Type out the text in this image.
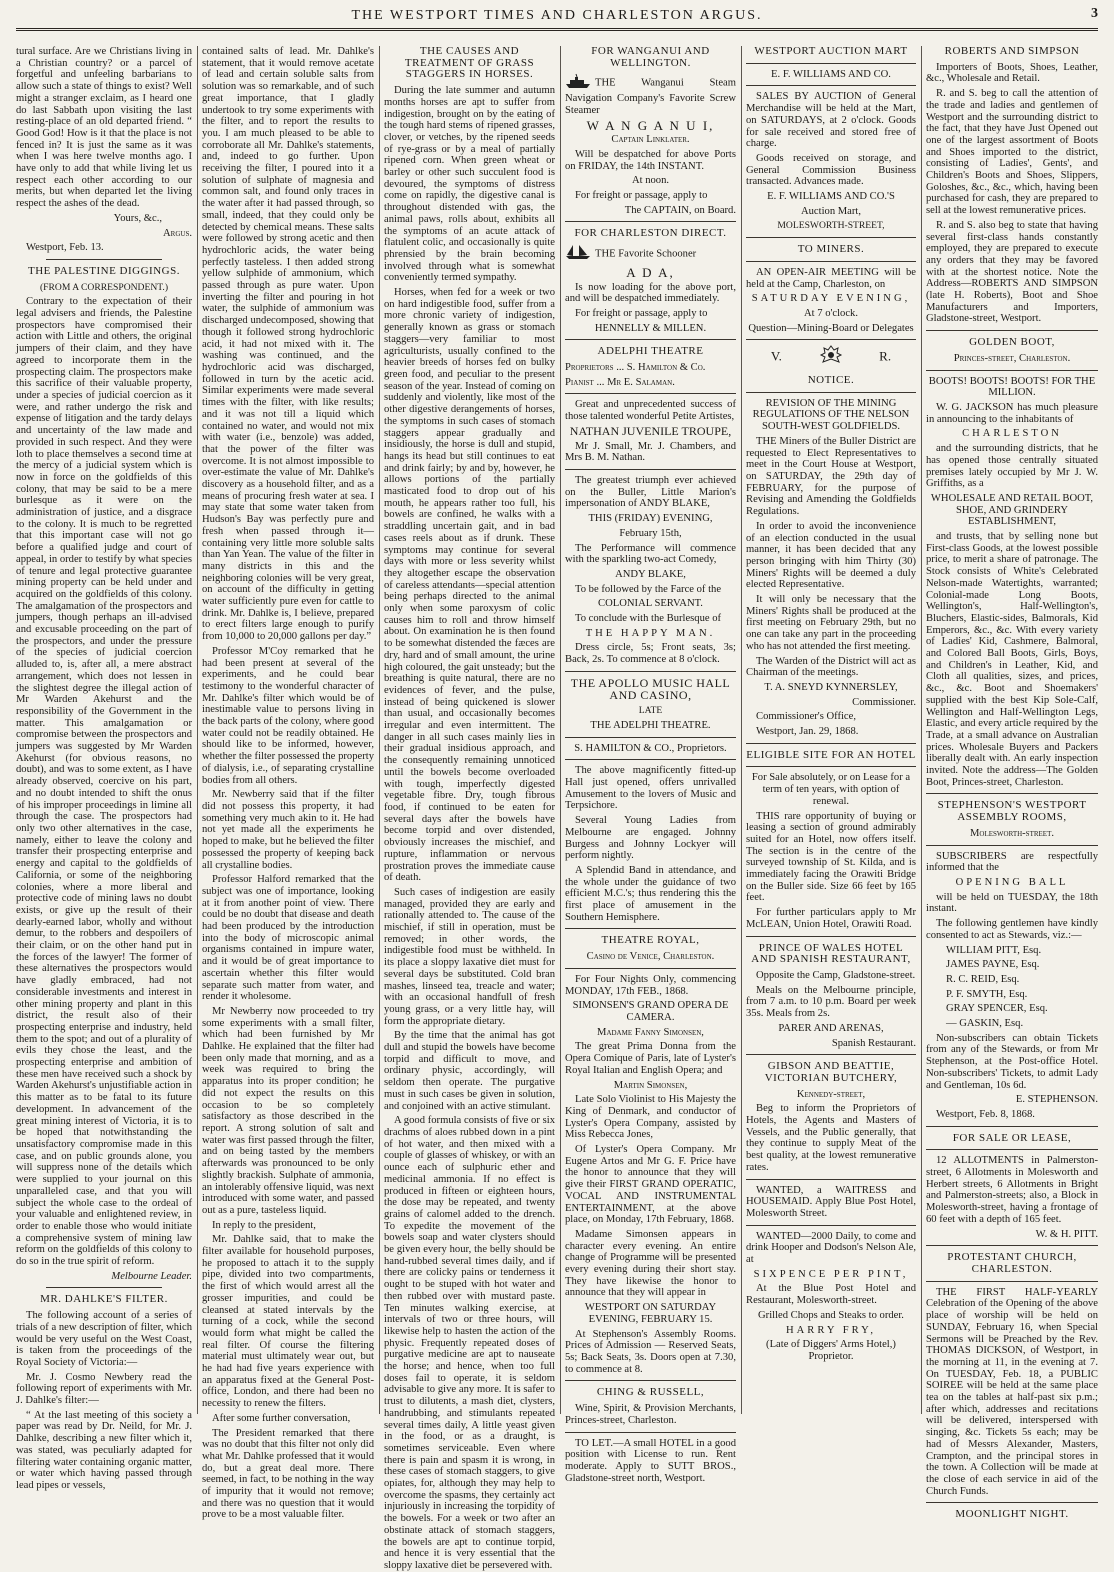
THE WESTPORT TIMES AND CHARLESTON ARGUS.	3

tural surface. Are we Christians living in a Christian country? or a parcel of forgetful and unfeeling barbarians to allow such a state of things to exist? Well might a stranger exclaim, as I heard one do last Sabbath upon visiting the last resting-place of an old departed friend. “ Good God! How is it that the place is not fenced in? It is just the same as it was when I was here twelve months ago. I have only to add that while living let us respect each other according to our merits, but when departed let the living respect the ashes of the dead.

Yours, &c.,

Argus.

Westport, Feb. 13.

THE PALESTINE DIGGINGS.

(FROM A CORRESPONDENT.)

Contrary to the expectation of their legal advisers and friends, the Palestine prospectors have compromised their action with Little and others, the original jumpers of their claim, and they have agreed to incorporate them in the prospecting claim. The prospectors make this sacrifice of their valuable property, under a species of judicial coercion as it were, and rather undergo the risk and expense of litigation and the tardy delays and uncertainty of the law made and provided in such respect. And they were loth to place themselves a second time at the mercy of a judicial system which is now in force on the goldfields of this colony, that may be said to be a mere burlesque as it were on the administration of justice, and a disgrace to the colony. It is much to be regretted that this important case will not go before a qualified judge and court of appeal, in order to testify by what species of tenure and legal protective guarantee mining property can be held under and acquired on the goldfields of this colony. The amalgamation of the prospectors and jumpers, though perhaps an ill-advised and excusable proceeding on the part of the prospectors, and under the pressure of the species of judicial coercion alluded to, is, after all, a mere abstract arrangement, which does not lessen in the slightest degree the illegal action of Mr Warden Akehurst and the responsibility of the Government in the matter. This amalgamation or compromise between the prospectors and jumpers was suggested by Mr Warden Akehurst (for obvious reasons, no doubt), and was to some extent, as I have already observed, coercive on his part, and no doubt intended to shift the onus of his improper proceedings in limine all through the case. The prospectors had only two other alternatives in the case, namely, either to leave the colony and transfer their prospecting enterprise and energy and capital to the goldfields of California, or some of the neighboring colonies, where a more liberal and protective code of mining laws no doubt exists, or give up the result of their dearly-earned labor, wholly and without demur, to the robbers and despoilers of their claim, or on the other hand put in the forces of the lawyer! The former of these alternatives the prospectors would have gladly embraced, had not considerable investments and interest in other mining property and plant in this district, the result also of their prospecting enterprise and industry, held them to the spot; and out of a plurality of evils they chose the least, and the prospecting enterprise and ambition of these men have received such a shock by Warden Akehurst's unjustifiable action in this matter as to be fatal to its future development. In advancement of the great mining interest of Victoria, it is to be hoped that notwithstanding the unsatisfactory compromise made in this case, and on public grounds alone, you will suppress none of the details which were supplied to your journal on this unparalleled case, and that you will subject the whole case to the ordeal of your valuable and enlightened review, in order to enable those who would initiate a comprehensive system of mining law reform on the goldfields of this colony to do so in the true spirit of reform.

Melbourne Leader.

MR. DAHLKE'S FILTER.

The following account of a series of trials of a new description of filter, which would be very useful on the West Coast, is taken from the proceedings of the Royal Society of Victoria:—

Mr. J. Cosmo Newbery read the following report of experiments with Mr. J. Dahlke's filter:—

“ At the last meeting of this society a paper was read by Dr. Neild, for Mr. J. Dahlke, describing a new filter which it, was stated, was peculiarly adapted for filtering water containing organic matter, or water which having passed through lead pipes or vessels,

contained salts of lead. Mr. Dahlke's statement, that it would remove acetate of lead and certain soluble salts from solution was so remarkable, and of such great importance, that I gladly undertook to try some experiments with the filter, and to report the results to you. I am much pleased to be able to corroborate all Mr. Dahlke's statements, and, indeed to go further. Upon receiving the filter, I poured into it a solution of sulphate of magnesia and common salt, and found only traces in the water after it had passed through, so small, indeed, that they could only be detected by chemical means. These salts were followed by strong acetic and then hydrochloric acids, the water being perfectly tasteless. I then added strong yellow sulphide of ammonium, which passed through as pure water. Upon inverting the filter and pouring in hot water, the sulphide of ammonium was discharged undecomposed, showing that though it followed strong hydrochloric acid, it had not mixed with it. The washing was continued, and the hydrochloric acid was discharged, followed in turn by the acetic acid. Similar experiments were made several times with the filter, with like results; and it was not till a liquid which contained no water, and would not mix with water (i.e., benzole) was added, that the power of the filter was overcome. It is not almost impossible to over-estimate the value of Mr. Dahlke's discovery as a household filter, and as a means of procuring fresh water at sea. I may state that some water taken from Hudson's Bay was perfectly pure and fresh when passed through it—containing very little more soluble salts than Yan Yean. The value of the filter in many districts in this and the neighboring colonies will be very great, on account of the difficulty in getting water sufficiently pure even for cattle to drink. Mr. Dahlke is, I believe, prepared to erect filters large enough to purify from 10,000 to 20,000 gallons per day.”

Professor M'Coy remarked that he had been present at several of the experiments, and he could bear testimony to the wonderful character of Mr. Dahlke's filter which would be of inestimable value to persons living in the back parts of the colony, where good water could not be readily obtained. He should like to be informed, however, whether the filter possessed the property of dialysis, i.e., of separating crystalline bodies from all others.

Mr. Newberry said that if the filter did not possess this property, it had something very much akin to it. He had not yet made all the experiments he hoped to make, but he believed the filter possessed the property of keeping back all crystalline bodies.

Professor Halford remarked that the subject was one of importance, looking at it from another point of view. There could be no doubt that disease and death had been produced by the introduction into the body of microscopic animal organisms contained in impure water, and it would be of great importance to ascertain whether this filter would separate such matter from water, and render it wholesome.

Mr Newberry now proceeded to try some experiments with a small filter, which had been furnished by Mr Dahlke. He explained that the filter had been only made that morning, and as a week was required to bring the apparatus into its proper condition; he did not expect the results on this occasion to be so completely satisfactory as those described in the report. A strong solution of salt and water was first passed through the filter, and on being tasted by the members afterwards was pronounced to be only slightly brackish. Sulphate of ammonia, an intolerably offensive liquid, was next introduced with some water, and passed out as a pure, tasteless liquid.

In reply to the president,

Mr. Dahlke said, that to make the filter available for household purposes, he proposed to attach it to the supply pipe, divided into two compartments, the first of which would arrest all the grosser impurities, and could be cleansed at stated intervals by the turning of a cock, while the second would form what might be called the real filter. Of course the filtering material must ultimately wear out, but he had had five years experience with an apparatus fixed at the General Post-office, London, and there had been no necessity to renew the filters.

After some further conversation,

The President remarked that there was no doubt that this filter not only did what Mr. Dahlke professed that it would do, but a great deal more. There seemed, in fact, to be nothing in the way of impurity that it would not remove; and there was no question that it would prove to be a most valuable filter.

THE CAUSES AND TREATMENT OF GRASS STAGGERS IN HORSES.

During the late summer and autumn months horses are apt to suffer from indigestion, brought on by the eating of the tough hard stems of ripened grasses, clover, or vetches, by the ripened seeds of rye-grass or by a meal of partially ripened corn. When green wheat or barley or other such succulent food is devoured, the symptoms of distress come on rapidly, the digestive canal is throughout distended with gas, the animal paws, rolls about, exhibits all the symptoms of an acute attack of flatulent colic, and occasionally is quite phrensied by the brain becoming involved through what is somewhat conveniently termed sympathy.

Horses, when fed for a week or two on hard indigestible food, suffer from a more chronic variety of indigestion, generally known as grass or stomach staggers—very familiar to most agriculturists, usually confined to the heavier breeds of horses fed on bulky green food, and peculiar to the present season of the year. Instead of coming on suddenly and violently, like most of the other digestive derangements of horses, the symptoms in such cases of stomach staggers appear gradually and insidiously, the horse is dull and stupid, hangs its head but still continues to eat and drink fairly; by and by, however, he allows portions of the partially masticated food to drop out of his mouth, he appears rather too full, his bowels are confined, he walks with a straddling uncertain gait, and in bad cases reels about as if drunk. These symptoms may continue for several days with more or less severity whilst they altogether escape the observation of careless attendants—special attention being perhaps directed to the animal only when some paroxysm of colic causes him to roll and throw himself about. On examination he is then found to be somewhat distended the fæces are dry, hard and of small amount, the urine high coloured, the gait unsteady; but the breathing is quite natural, there are no evidences of fever, and the pulse, instead of being quickened is slower than usual, and occasionally becomes irregular and even intermittent. The danger in all such cases mainly lies in their gradual insidious approach, and the consequently remaining unnoticed until the bowels become overloaded with tough, imperfectly digested vegetable fibre. Dry, tough fibrous food, if continued to be eaten for several days after the bowels have become torpid and over distended, obviously increases the mischief, and rupture, inflammation or nervous prostration proves the immediate cause of death.

Such cases of indigestion are easily managed, provided they are early and rationally attended to. The cause of the mischief, if still in operation, must be removed; in other words, the indigestible food must be withheld. In its place a sloppy laxative diet must for several days be substituted. Cold bran mashes, linseed tea, treacle and water; with an occasional handfull of fresh young grass, or a very little hay, will form the appropriate dietary.

By the time that the animal has got dull and stupid the bowels have become torpid and difficult to move, and ordinary physic, accordingly, will seldom then operate. The purgative must in such cases be given in solution, and conjoined with an active stimulant.

A good formula consists of five or six drachms of aloes rubbed down in a pint of hot water, and then mixed with a couple of glasses of whiskey, or with an ounce each of sulphuric ether and medicinal ammonia. If no effect is produced in fifteen or eighteen hours, the dose may be repeated, and twenty grains of calomel added to the drench. To expedite the movement of the bowels soap and water clysters should be given every hour, the belly should be hand-rubbed several times daily, and if there are colicky pains or tenderness it ought to be stuped with hot water and then rubbed over with mustard paste. Ten minutes walking exercise, at intervals of two or three hours, will likewise help to hasten the action of the physic. Frequently repeated doses of purgative medicine are apt to nauseate the horse; and hence, when too full doses fail to operate, it is seldom advisable to give any more. It is safer to trust to dilutents, a mash diet, clysters, handrubbing, and stimulants repeated several times daily, A little yeast given in the food, or as a draught, is sometimes serviceable. Even where there is pain and spasm it is wrong, in these cases of stomach staggers, to give opiates, for, although they may help to overcome the spasms, they certainly act injuriously in increasing the torpidity of the bowels. For a week or two after an obstinate attack of stomach staggers, the bowels are apt to continue torpid, and hence it is very essential that the sloppy laxative diet be persevered with.

FOR WANGANUI AND WELLINGTON.

THE Wanganui Steam Navigation Company's Favorite Screw Steamer

W A N G A N U I,

Captain Linklater.

Will be despatched for above Ports on FRIDAY, the 14th INSTANT.

At noon.

For freight or passage, apply to

The CAPTAIN, on Board.

FOR CHARLESTON DIRECT.

THE Favorite Schooner

A D A,

Is now loading for the above port, and will be despatched immediately.

For freight or passage, apply to

HENNELLY & MILLEN.

ADELPHI THEATRE

Proprietors ... S. Hamilton & Co.

Pianist ... Mr E. Salaman.

Great and unprecedented success of those talented wonderful Petite Artistes,

NATHAN JUVENILE TROUPE,

Mr J. Small, Mr. J. Chambers, and Mrs B. M. Nathan.

The greatest triumph ever achieved on the Buller, Little Marion's impersonation of ANDY BLAKE,

THIS (FRIDAY) EVENING,

February 15th,

The Performance will commence with the sparkling two-act Comedy,

ANDY BLAKE,

To be followed by the Farce of the

COLONIAL SERVANT.

To conclude with the Burlesque of

THE HAPPY MAN.

Dress circle, 5s; Front seats, 3s; Back, 2s. To commence at 8 o'clock.

THE APOLLO MUSIC HALL AND CASINO,

LATE

THE ADELPHI THEATRE.

S. HAMILTON & CO., Proprietors.

The above magnificently fitted-up Hall just opened, offers unrivalled Amusement to the lovers of Music and Terpsichore.

Several Young Ladies from Melbourne are engaged. Johnny Burgess and Johnny Lockyer will perform nightly.

A Splendid Band in attendance, and the whole under the guidance of two efficient M.C.'s; thus rendering this the first place of amusement in the Southern Hemisphere.

THEATRE ROYAL,

Casino de Venice, Charleston.

For Four Nights Only, commencing MONDAY, 17th FEB., 1868.

SIMONSEN'S GRAND OPERA DE CAMERA.

Madame Fanny Simonsen,

The great Prima Donna from the Opera Comique of Paris, late of Lyster's Royal Italian and English Opera; and

Martin Simonsen,

Late Solo Violinist to His Majesty the King of Denmark, and conductor of Lyster's Opera Company, assisted by Miss Rebecca Jones,

Of Lyster's Opera Company. Mr Eugene Artos and Mr G. F. Price have the honor to announce that they will give their FIRST GRAND OPERATIC, VOCAL AND INSTRUMENTAL ENTERTAINMENT, at the above place, on Monday, 17th February, 1868.

Madame Simonsen appears in character every evening. An entire change of Programme will be presented every evening during their short stay. They have likewise the honor to announce that they will appear in

WESTPORT ON SATURDAY EVENING, FEBRUARY 15.

At Stephenson's Assembly Rooms. Prices of Admission — Reserved Seats, 5s; Back Seats, 3s. Doors open at 7.30, to commence at 8.

CHING & RUSSELL,

Wine, Spirit, & Provision Merchants, Princes-street, Charleston.

TO LET.—A small HOTEL in a good position with License to run. Rent moderate. Apply to SUTT BROS., Gladstone-street north, Westport.

WESTPORT AUCTION MART

E. F. WILLIAMS AND CO.

SALES BY AUCTION of General Merchandise will be held at the Mart, on SATURDAYS, at 2 o'clock. Goods for sale received and stored free of charge.

Goods received on storage, and General Commission Business transacted. Advances made.

E. F. WILLIAMS AND CO.'S

Auction Mart,

MOLESWORTH-STREET,

TO MINERS.

AN OPEN-AIR MEETING will be held at the Camp, Charleston, on

SATURDAY EVENING,

At 7 o'clock.

Question—Mining-Board or Delegates

V.	R.
NOTICE.

REVISION OF THE MINING REGULATIONS OF THE NELSON SOUTH-WEST GOLDFIELDS.

THE Miners of the Buller District are requested to Elect Representatives to meet in the Court House at Westport, on SATURDAY, the 29th day of FEBRUARY, for the purpose of Revising and Amending the Goldfields Regulations.

In order to avoid the inconvenience of an election conducted in the usual manner, it has been decided that any person bringing with him Thirty (30) Miners' Rights will be deemed a duly elected Representative.

It will only be necessary that the Miners' Rights shall be produced at the first meeting on February 29th, but no one can take any part in the proceeding who has not attended the first meeting.

The Warden of the District will act as Chairman of the meetings.

T. A. SNEYD KYNNERSLEY,

Commissioner.

Commissioner's Office,

Westport, Jan. 29, 1868.

ELIGIBLE SITE FOR AN HOTEL

For Sale absolutely, or on Lease for a term of ten years, with option of renewal.

THIS rare opportunity of buying or leasing a section of ground admirably suited for an Hotel, now offers itself. The section is in the centre of the surveyed township of St. Kilda, and is immediately facing the Orawiti Bridge on the Buller side. Size 66 feet by 165 feet.

For further particulars apply to Mr McLEAN, Union Hotel, Orawiti Road.

PRINCE OF WALES HOTEL AND SPANISH RESTAURANT,

Opposite the Camp, Gladstone-street.

Meals on the Melbourne principle, from 7 a.m. to 10 p.m. Board per week 35s. Meals from 2s.

PARER AND ARENAS,

Spanish Restaurant.

GIBSON AND BEATTIE, VICTORIAN BUTCHERY,

Kennedy-street,

Beg to inform the Proprietors of Hotels, the Agents and Masters of Vessels, and the Public generally, that they continue to supply Meat of the best quality, at the lowest remunerative rates.

WANTED, a WAITRESS and HOUSEMAID. Apply Blue Post Hotel, Molesworth Street.

WANTED—2000 Daily, to come and drink Hooper and Dodson's Nelson Ale, at

SIXPENCE PER PINT,

At the Blue Post Hotel and Restaurant, Molesworth-street.

Grilled Chops and Steaks to order.

HARRY FRY,

(Late of Diggers' Arms Hotel,) Proprietor.

ROBERTS AND SIMPSON

Importers of Boots, Shoes, Leather, &c., Wholesale and Retail.

R. and S. beg to call the attention of the trade and ladies and gentlemen of Westport and the surrounding district to the fact, that they have Just Opened out one of the largest assortment of Boots and Shoes imported to the district, consisting of Ladies', Gents', and Children's Boots and Shoes, Slippers, Goloshes, &c., &c., which, having been purchased for cash, they are prepared to sell at the lowest remunerative prices.

R. and S. also beg to state that having several first-class hands constantly employed, they are prepared to execute any orders that they may be favored with at the shortest notice. Note the Address—ROBERTS AND SIMPSON (late H. Roberts), Boot and Shoe Manufacturers and Importers, Gladstone-street, Westport.

GOLDEN BOOT,

Princes-street, Charleston.

BOOTS! BOOTS! BOOTS! FOR THE MILLION.

W. G. JACKSON has much pleasure in announcing to the inhabitants of

CHARLESTON

and the surrounding districts, that he has opened those centrally situated premises lately occupied by Mr J. W. Griffiths, as a

WHOLESALE AND RETAIL BOOT, SHOE, AND GRINDERY ESTABLISHMENT,

and trusts, that by selling none but First-class Goods, at the lowest possible price, to merit a share of patronage. The Stock consists of White's Celebrated Nelson-made Watertights, warranted; Colonial-made Long Boots, Wellington's, Half-Wellington's, Bluchers, Elastic-sides, Balmorals, Kid Emperors, &c., &c. With every variety of Ladies' Kid, Cashmere, Balmoral, and Colored Ball Boots, Girls, Boys, and Children's in Leather, Kid, and Cloth all qualities, sizes, and prices, &c., &c. Boot and Shoemakers' supplied with the best Kip Sole-Calf, Wellington and Half-Wellington Legs, Elastic, and every article required by the Trade, at a small advance on Australian prices. Wholesale Buyers and Packers liberally dealt with. An early inspection invited. Note the address—The Golden Boot, Princes-street, Charleston.

STEPHENSON'S WESTPORT ASSEMBLY ROOMS,

Molesworth-street.

SUBSCRIBERS are respectfully informed that the

OPENING BALL

will be held on TUESDAY, the 18th instant.

The following gentlemen have kindly consented to act as Stewards, viz.:—

WILLIAM PITT, Esq.

JAMES PAYNE, Esq.

R. C. REID, Esq.

P. F. SMYTH, Esq.

GRAY SPENCER, Esq.

— GASKIN, Esq.

Non-subscribers can obtain Tickets from any of the Stewards, or from Mr Stephenson, at the Post-office Hotel. Non-subscribers' Tickets, to admit Lady and Gentleman, 10s 6d.

E. STEPHENSON.

Westport, Feb. 8, 1868.

FOR SALE OR LEASE,

12 ALLOTMENTS in Palmerston-street, 6 Allotments in Molesworth and Herbert streets, 6 Allotments in Bright and Palmerston-streets; also, a Block in Molesworth-street, having a frontage of 60 feet with a depth of 165 feet.

W. & H. PITT.

PROTESTANT CHURCH, CHARLESTON.

THE FIRST HALF-YEARLY Celebration of the Opening of the above place of worship will be held on SUNDAY, February 16, when Special Sermons will be Preached by the Rev. THOMAS DICKSON, of Westport, in the morning at 11, in the evening at 7. On TUESDAY, Feb. 18, a PUBLIC SOIREE will be held at the same place tea on the tables at half-past six p.m.; after which, addresses and recitations will be delivered, interspersed with singing, &c. Tickets 5s each; may be had of Messrs Alexander, Masters, Crampton, and the principal stores in the town. A Collection will be made at the close of each service in aid of the Church Funds.

MOONLIGHT NIGHT.
